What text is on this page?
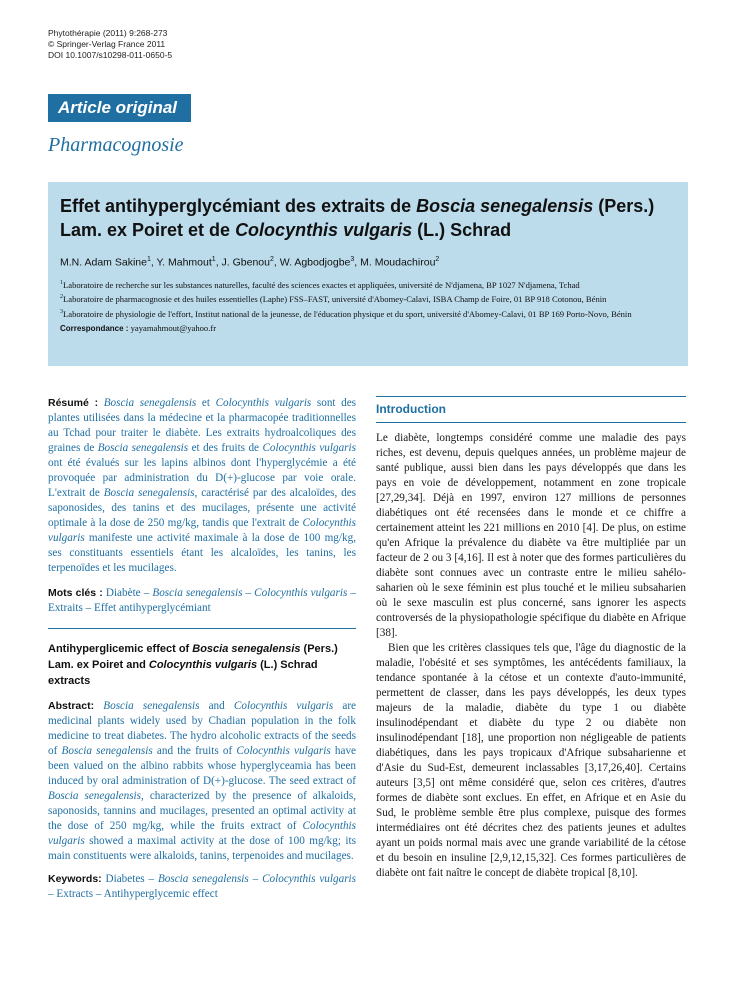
Phytothérapie (2011) 9:268-273
© Springer-Verlag France 2011
DOI 10.1007/s10298-011-0650-5
Article original
Pharmacognosie
Effet antihyperglycémiant des extraits de Boscia senegalensis (Pers.) Lam. ex Poiret et de Colocynthis vulgaris (L.) Schrad
M.N. Adam Sakine$^1$, Y. Mahmout$^1$, J. Gbenou$^2$, W. Agbodjogbe$^3$, M. Moudachirou$^2$

$^1$Laboratoire de recherche sur les substances naturelles, faculté des sciences exactes et appliquées, université de N'djamena, BP 1027 N'djamena, Tchad

$^2$Laboratoire de pharmacognosie et des huiles essentielles (Laphe) FSS–FAST, université d'Abomey-Calavi, ISBA Champ de Foire, 01 BP 918 Cotonou, Bénin

$^3$Laboratoire de physiologie de l'effort, Institut national de la jeunesse, de l'éducation physique et du sport, université d'Abomey-Calavi, 01 BP 169 Porto-Novo, Bénin

Correspondance : yayamahmout@yahoo.fr

Résumé : Boscia senegalensis et Colocynthis vulgaris sont des plantes utilisées dans la médecine et la pharmacopée traditionnelles au Tchad pour traiter le diabète. Les extraits hydroalcoliques des graines de Boscia senegalensis et des fruits de Colocynthis vulgaris ont été évalués sur les lapins albinos dont l'hyperglycémie a été provoquée par administration du D(+)-glucose par voie orale. L'extrait de Boscia senegalensis, caractérisé par des alcaloïdes, des saponosides, des tanins et des mucilages, présente une activité optimale à la dose de 250 mg/kg, tandis que l'extrait de Colocynthis vulgaris manifeste une activité maximale à la dose de 100 mg/kg, ses constituants essentiels étant les alcaloïdes, les tanins, les terpenoïdes et les mucilages.

Mots clés : Diabète – Boscia senegalensis – Colocynthis vulgaris – Extraits – Effet antihyperglycémiant

Antihyperglicemic effect of Boscia senegalensis (Pers.) Lam. ex Poiret and Colocynthis vulgaris (L.) Schrad extracts

Abstract: Boscia senegalensis and Colocynthis vulgaris are medicinal plants widely used by Chadian population in the folk medicine to treat diabetes. The hydro alcoholic extracts of the seeds of Boscia senegalensis and the fruits of Colocynthis vulgaris have been valued on the albino rabbits whose hyperglyceamia has been induced by oral administration of D(+)-glucose. The seed extract of Boscia senegalensis, characterized by the presence of alkaloids, saponosids, tannins and mucilages, presented an optimal activity at the dose of 250 mg/kg, while the fruits extract of Colocynthis vulgaris showed a maximal activity at the dose of 100 mg/kg; its main constituents were alkaloids, tanins, terpenoides and mucilages.

Keywords: Diabetes – Boscia senegalensis – Colocynthis vulgaris – Extracts – Antihyperglycemic effect

Introduction

Le diabète, longtemps considéré comme une maladie des pays riches, est devenu, depuis quelques années, un problème majeur de santé publique, aussi bien dans les pays développés que dans les pays en voie de développement, notamment en zone tropicale [27,29,34]. Déjà en 1997, environ 127 millions de personnes diabétiques ont été recensées dans le monde et ce chiffre a certainement atteint les 221 millions en 2010 [4]. De plus, on estime qu'en Afrique la prévalence du diabète va être multipliée par un facteur de 2 ou 3 [4,16]. Il est à noter que des formes particulières du diabète sont connues avec un contraste entre le milieu sahélo-saharien où le sexe féminin est plus touché et le milieu subsaharien où le sexe masculin est plus concerné, sans ignorer les aspects controversés de la physiopathologie spécifique du diabète en Afrique [38].

Bien que les critères classiques tels que, l'âge du diagnostic de la maladie, l'obésité et ses symptômes, les antécédents familiaux, la tendance spontanée à la cétose et un contexte d'auto-immunité, permettent de classer, dans les pays développés, les deux types majeurs de la maladie, diabète du type 1 ou diabète insulinodépendant et diabète du type 2 ou diabète non insulinodépendant [18], une proportion non négligeable de patients diabétiques, dans les pays tropicaux d'Afrique subsaharienne et d'Asie du Sud-Est, demeurent inclassables [3,17,26,40]. Certains auteurs [3,5] ont même considéré que, selon ces critères, d'autres formes de diabète sont exclues. En effet, en Afrique et en Asie du Sud, le problème semble être plus complexe, puisque des formes intermédiaires ont été décrites chez des patients jeunes et adultes ayant un poids normal mais avec une grande variabilité de la cétose et du besoin en insuline [2,9,12,15,32]. Ces formes particulières de diabète ont fait naître le concept de diabète tropical [8,10].
